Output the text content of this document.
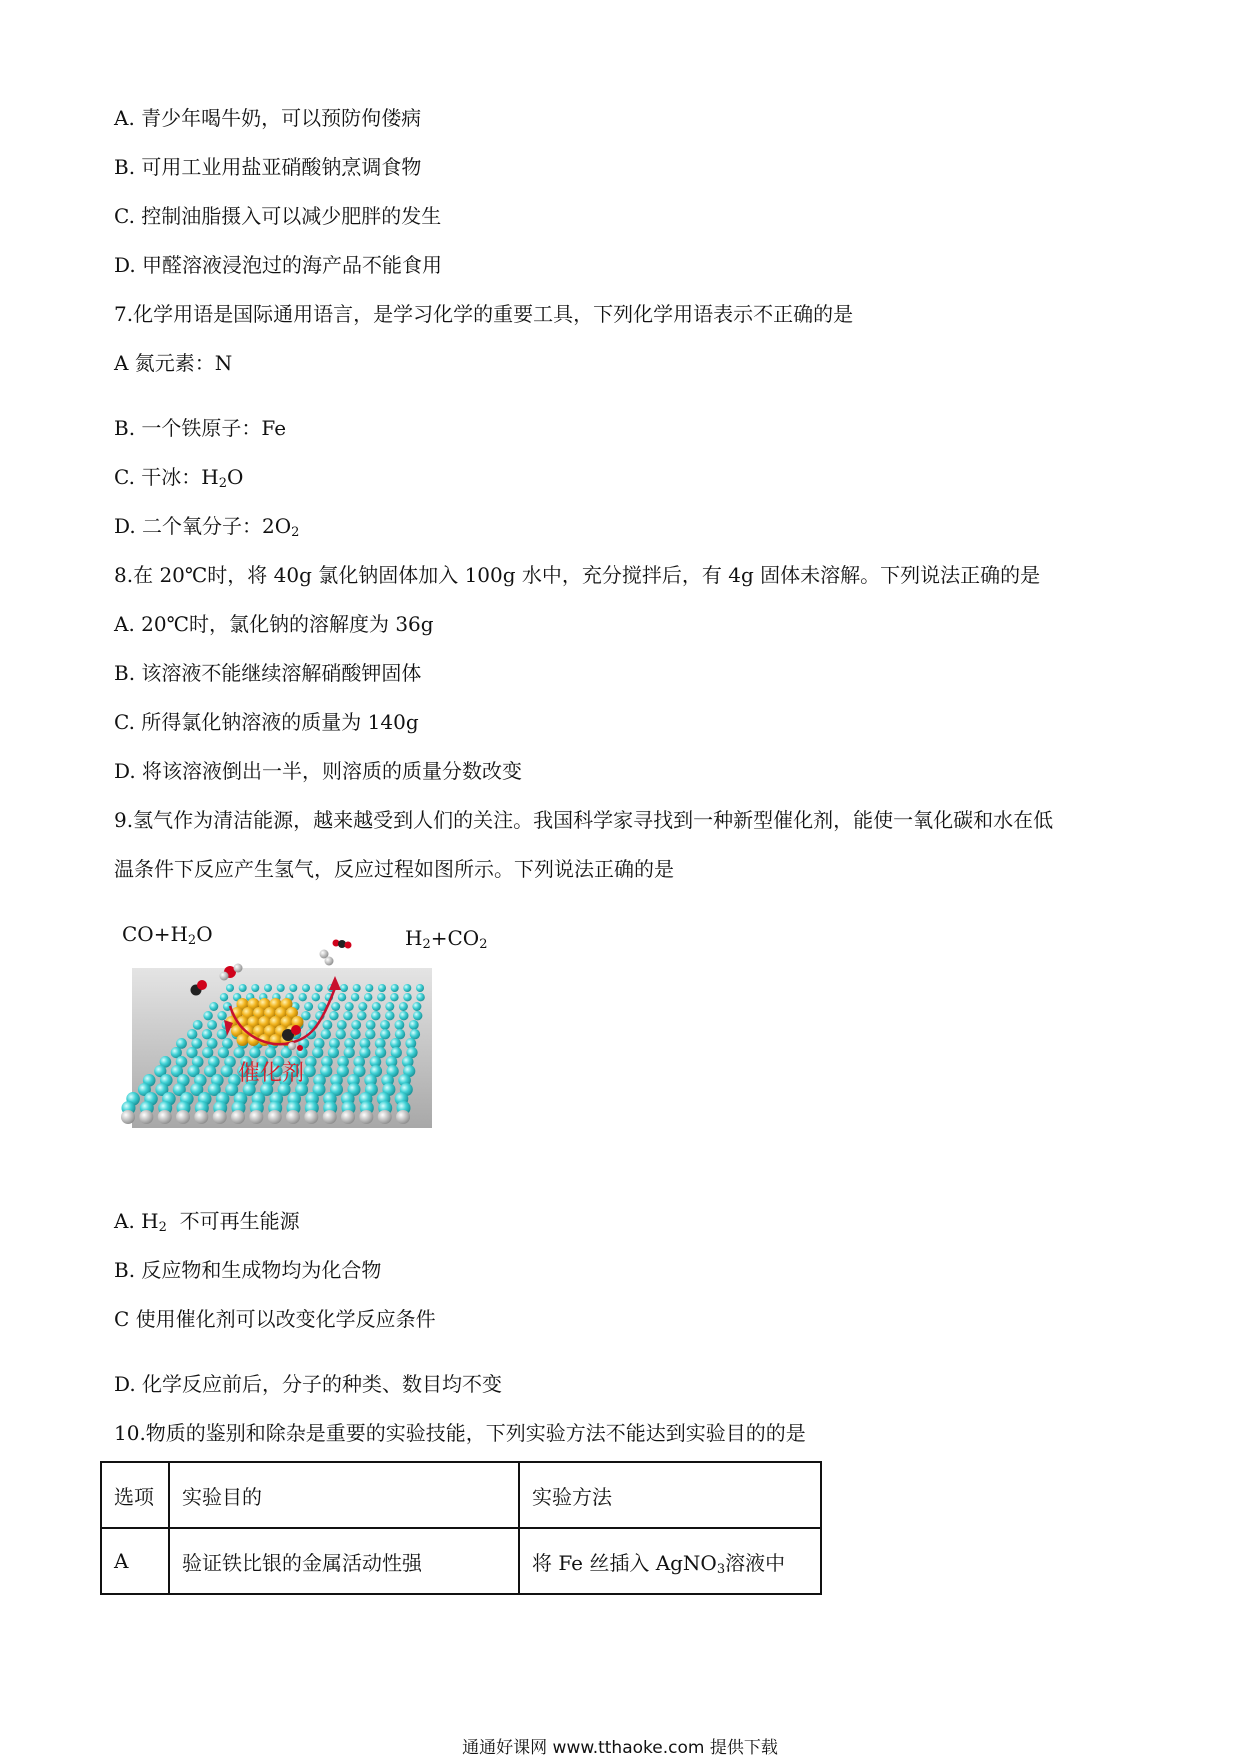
A. 青少年喝牛奶，可以预防佝偻病
B. 可用工业用盐亚硝酸钠烹调食物
C. 控制油脂摄入可以减少肥胖的发生
D. 甲醛溶液浸泡过的海产品不能食用
7.化学用语是国际通用语言，是学习化学的重要工具，下列化学用语表示不正确的是
A 氮元素：N
B. 一个铁原子：Fe
C. 干冰：$H_2O$
D. 二个氧分子：$2O_2$
8.在 20℃时，将 40g 氯化钠固体加入 100g 水中，充分搅拌后，有 4g 固体未溶解。下列说法正确的是
A. 20℃时，氯化钠的溶解度为 36g
B. 该溶液不能继续溶解硝酸钾固体
C. 所得氯化钠溶液的质量为 140g
D. 将该溶液倒出一半，则溶质的质量分数改变
9.氢气作为清洁能源，越来越受到人们的关注。我国科学家寻找到一种新型催化剂，能使一氧化碳和水在低
温条件下反应产生氢气，反应过程如图所示。下列说法正确的是
$CO+H_2O$	$H_2+CO_2$
催化剂
A. $H_2$  不可再生能源
B. 反应物和生成物均为化合物
C 使用催化剂可以改变化学反应条件
D. 化学反应前后，分子的种类、数目均不变
10.物质的鉴别和除杂是重要的实验技能，下列实验方法不能达到实验目的的是
选项	实验目的	实验方法
A	验证铁比银的金属活动性强	将 Fe 丝插入 AgNO$_3$溶液中
通通好课网 www.tthaoke.com 提供下载
